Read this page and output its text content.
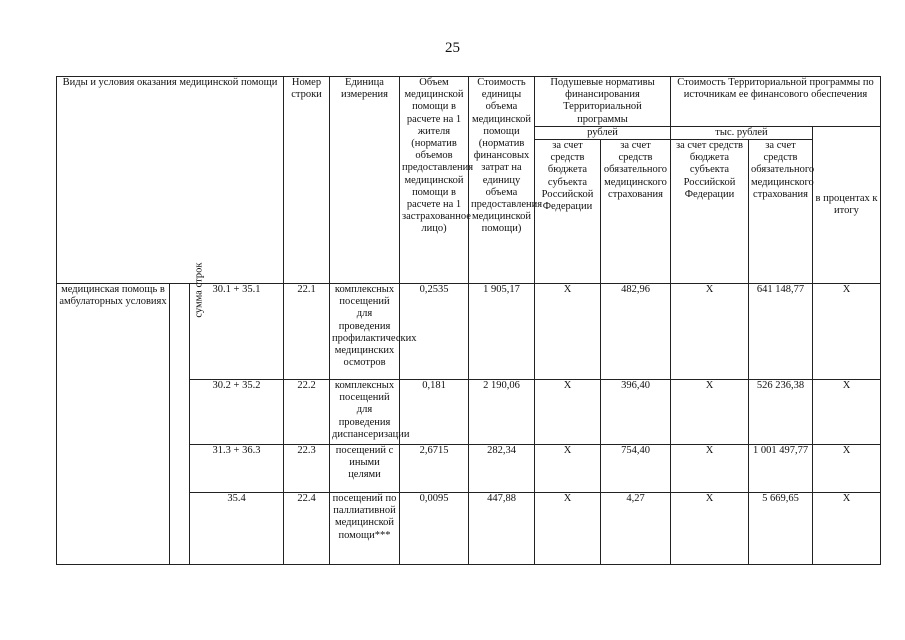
25
Виды и условия оказания медицинской помощи			Номер строки	Единица измерения	Объем медицинской помощи в расчете на 1 жителя (норматив объемов предоставления медицинской помощи в расчете на 1 застрахованное лицо)	Стоимость единицы объема медицинской помощи (норматив финансовых затрат на единицу объема предоставления медицинской помощи)	Подушевые нормативы финансирования Территориальной программы		Стоимость Территориальной программы по источникам ее финансового обеспечения		
							рублей		тыс. рублей		в процентах к итогу
							за счет средств бюджета субъекта Российской Федерации	за счет средств обязательного медицинского страхования	за счет средств бюджета субъекта Российской Федерации	за счет средств обязательного медицинского страхования	
медицинская помощь в амбулаторных условиях	сумма строк	30.1 + 35.1	22.1	комплексных посещений для проведения профилактических медицинских осмотров	0,2535	1 905,17	X	482,96	X	641 148,77	X
		30.2 + 35.2	22.2	комплексных посещений для проведения диспансеризации	0,181	2 190,06	X	396,40	X	526 236,38	X
		31.3 + 36.3	22.3	посещений с иными целями	2,6715	282,34	X	754,40	X	1 001 497,77	X
		35.4	22.4	посещений по паллиативной медицинской помощи***	0,0095	447,88	X	4,27	X	5 669,65	X
